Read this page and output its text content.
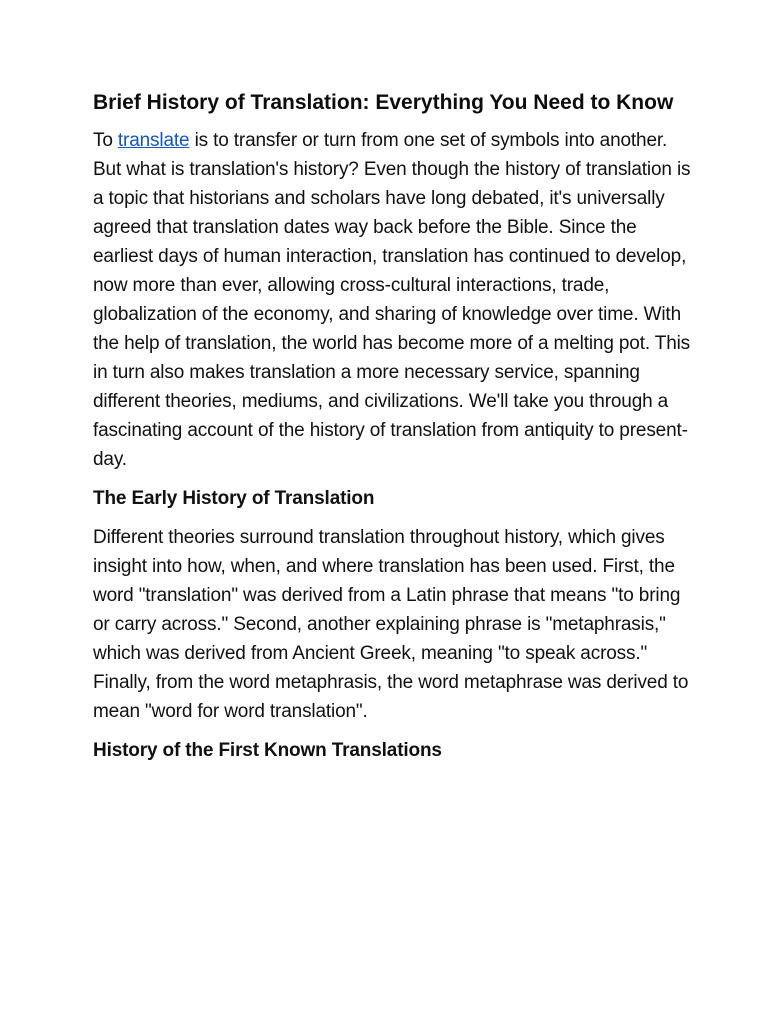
Brief History of Translation: Everything You Need to Know

To translate is to transfer or turn from one set of symbols into another. But what is translation's history? Even though the history of translation is a topic that historians and scholars have long debated, it's universally agreed that translation dates way back before the Bible. Since the earliest days of human interaction, translation has continued to develop, now more than ever, allowing cross-cultural interactions, trade, globalization of the economy, and sharing of knowledge over time. With the help of translation, the world has become more of a melting pot. This in turn also makes translation a more necessary service, spanning different theories, mediums, and civilizations. We'll take you through a fascinating account of the history of translation from antiquity to present-day.

The Early History of Translation

Different theories surround translation throughout history, which gives insight into how, when, and where translation has been used. First, the word "translation" was derived from a Latin phrase that means "to bring or carry across." Second, another explaining phrase is "metaphrasis," which was derived from Ancient Greek, meaning "to speak across." Finally, from the word metaphrasis, the word metaphrase was derived to mean "word for word translation".

History of the First Known Translations
